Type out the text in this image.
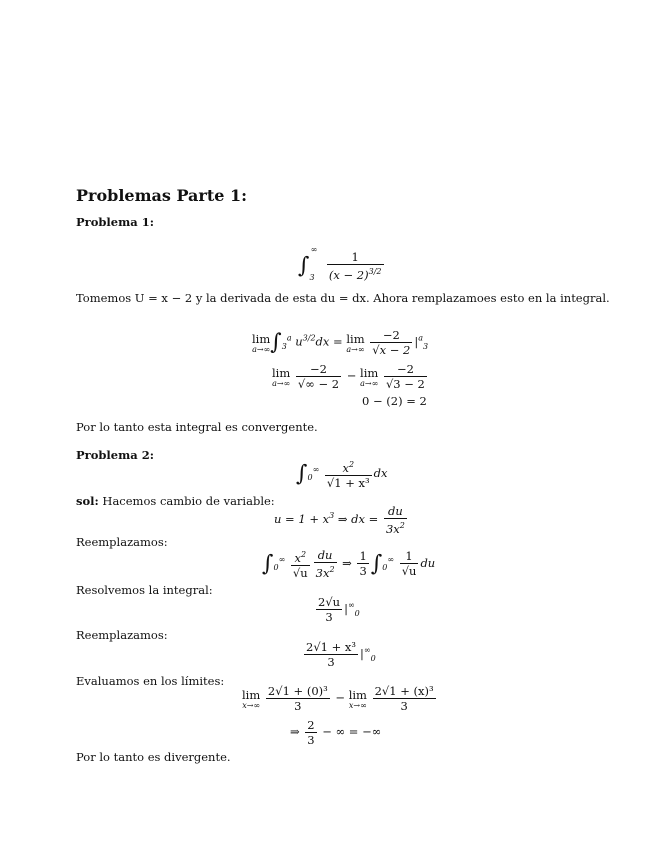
Problemas Parte 1:
Problema 1:
$\int_3^\infty$
$\frac{1}{(x - 2)^{3/2}}$
Tomemos U = x − 2 y la derivada de esta du = dx. Ahora remplazamoes esto en la integral.
lim
a→∞ $\int_3^a$ $u^{3/2}dx = \lim$
a→∞
$\frac{-2}{√x - 2} |^a_3$
lim
a→∞
$\frac{-2}{√\infty - 2} - \lim$
a→∞
$\frac{-2}{√3 - 2}$
0 − (2) = 2
Por lo tanto esta integral es convergente.
Problema 2:
$\int_0^\infty \frac{x^2}{\text{√1 + x³}}$ dx
sol: Hacemos cambio de variable:
$u = 1 + x^3$ ⇒ dx = $\frac{du}{3x^2}$
Reemplazamos:
$\int_0^\infty \frac{x^2}{√u} \frac{du}{3x^2}$ ⇒ $\frac{1}{3} \int_0^\infty \frac{1}{√u}$ du
Resolvemos la integral:
$\frac{2√u}{3} |^\infty_0$
Reemplazamos:
$\frac{\text{2√1 + x³}}{3} |^\infty_0$
Evaluamos en los límites:
lim
x→∞
$\frac{\text{2√1 + (0)³}}{3} - \lim$
x→∞
$\frac{\text{2√1 + (x)³}}{3}$
⇒ $\frac{2}{3}$ − ∞ = −∞
Por lo tanto es divergente.
